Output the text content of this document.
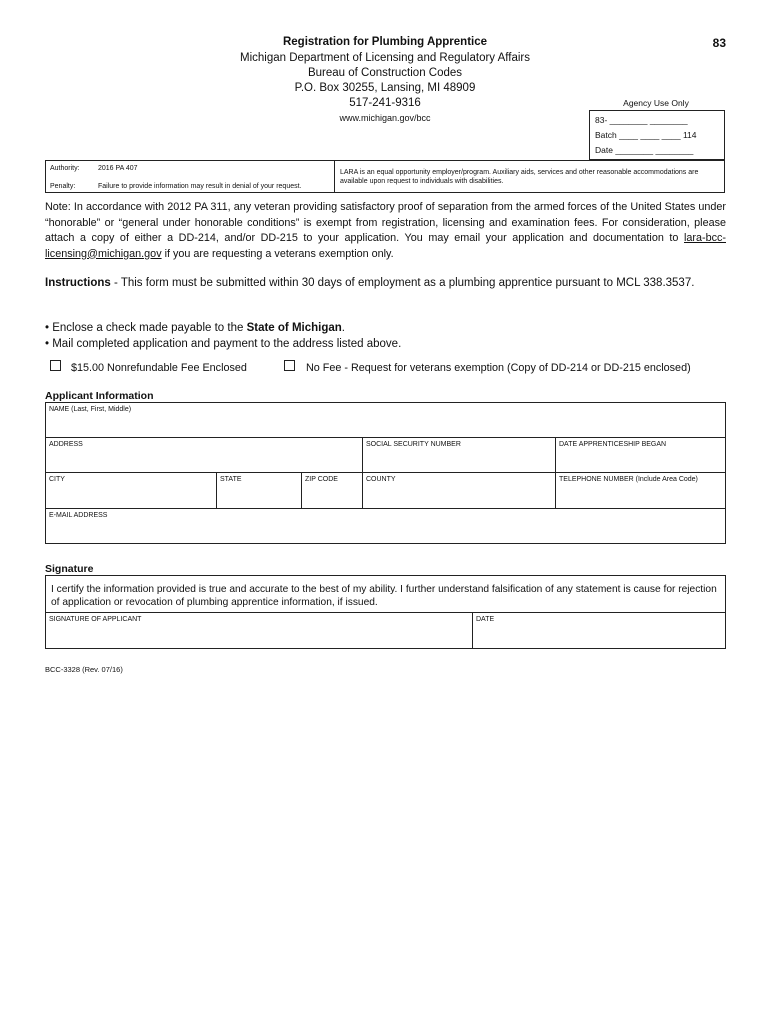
Registration for Plumbing Apprentice	83
Michigan Department of Licensing and Regulatory Affairs
Bureau of Construction Codes
P.O. Box 30255, Lansing, MI 48909
517-241-9316
www.michigan.gov/bcc
Agency Use Only
83- ________ ________
Batch ____ ____ ____ 114
Date ________ ________
Authority:	2016 PA 407
Penalty:	Failure to provide information may result in denial of your request.
LARA is an equal opportunity employer/program. Auxiliary aids, services and other reasonable accommodations are available upon request to individuals with disabilities.
Note: In accordance with 2012 PA 311, any veteran providing satisfactory proof of separation from the armed forces of the United States under “honorable” or “general under honorable conditions” is exempt from registration, licensing and examination fees. For consideration, please attach a copy of either a DD-214, and/or DD-215 to your application. You may email your application and documentation to lara-bcc-licensing@michigan.gov if you are requesting a veterans exemption only.
Instructions - This form must be submitted within 30 days of employment as a plumbing apprentice pursuant to MCL 338.3537.
• Enclose a check made payable to the State of Michigan.
• Mail completed application and payment to the address listed above.
$15.00 Nonrefundable Fee Enclosed	No Fee - Request for veterans exemption (Copy of DD-214 or DD-215 enclosed)
Applicant Information
NAME (Last, First, Middle)
ADDRESS	SOCIAL SECURITY NUMBER	DATE APPRENTICESHIP BEGAN
CITY	STATE	ZIP CODE	COUNTY	TELEPHONE NUMBER (Include Area Code)
E-MAIL ADDRESS
Signature
I certify the information provided is true and accurate to the best of my ability. I further understand falsification of any statement is cause for rejection of application or revocation of plumbing apprentice information, if issued.
SIGNATURE OF APPLICANT	DATE
BCC-3328 (Rev. 07/16)
